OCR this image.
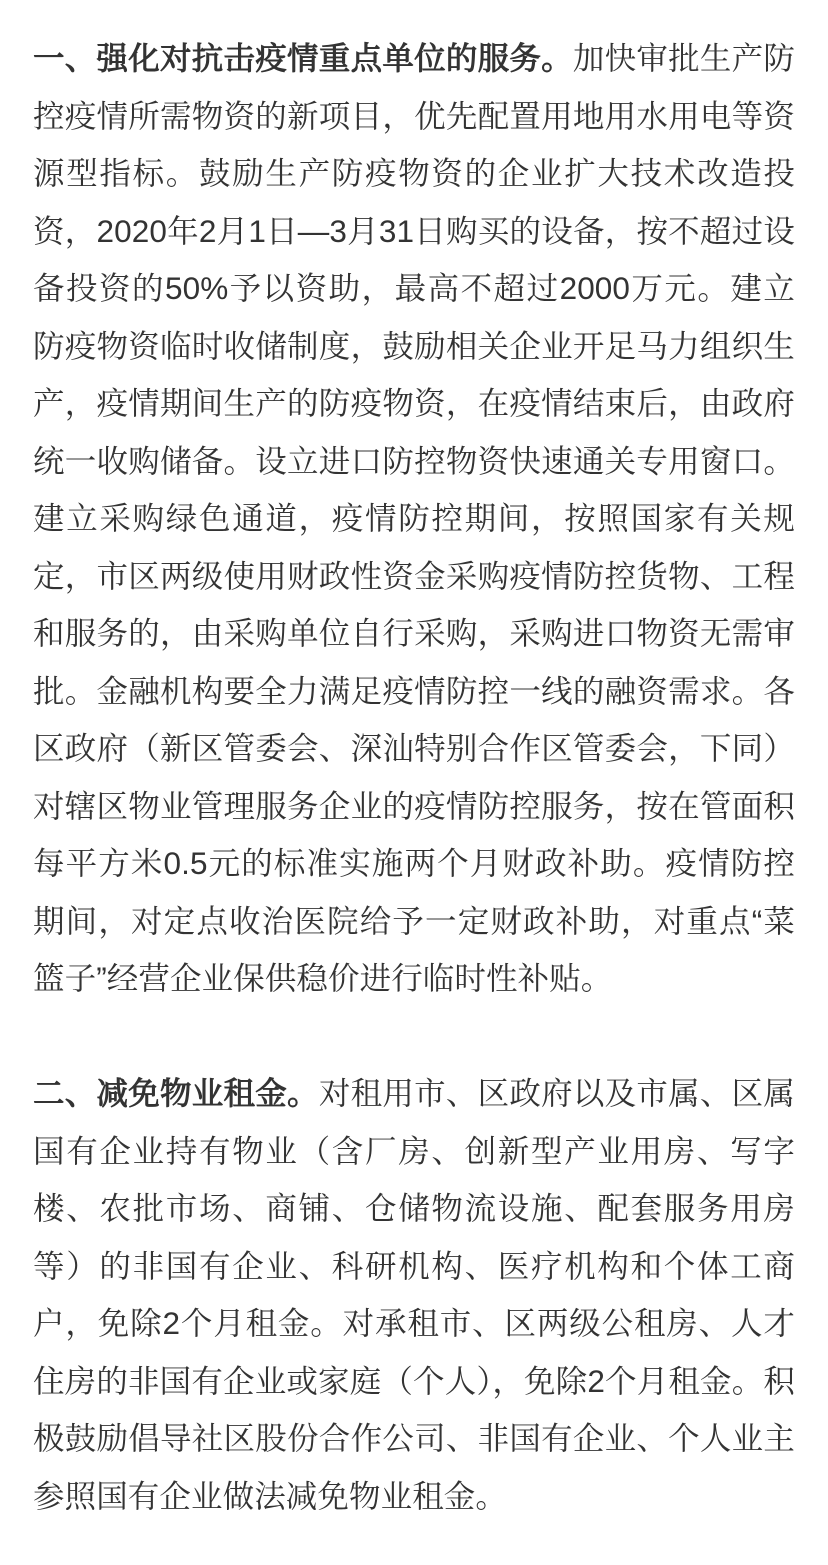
一、强化对抗击疫情重点单位的服务。加快审批生产防控疫情所需物资的新项目，优先配置用地用水用电等资源型指标。鼓励生产防疫物资的企业扩大技术改造投资，2020年2月1日—3月31日购买的设备，按不超过设备投资的50%予以资助，最高不超过2000万元。建立防疫物资临时收储制度，鼓励相关企业开足马力组织生产，疫情期间生产的防疫物资，在疫情结束后，由政府统一收购储备。设立进口防控物资快速通关专用窗口。建立采购绿色通道，疫情防控期间，按照国家有关规定，市区两级使用财政性资金采购疫情防控货物、工程和服务的，由采购单位自行采购，采购进口物资无需审批。金融机构要全力满足疫情防控一线的融资需求。各区政府（新区管委会、深汕特别合作区管委会，下同）对辖区物业管理服务企业的疫情防控服务，按在管面积每平方米0.5元的标准实施两个月财政补助。疫情防控期间，对定点收治医院给予一定财政补助，对重点“菜篮子”经营企业保供稳价进行临时性补贴。

二、减免物业租金。对租用市、区政府以及市属、区属国有企业持有物业（含厂房、创新型产业用房、写字楼、农批市场、商铺、仓储物流设施、配套服务用房等）的非国有企业、科研机构、医疗机构和个体工商户，免除2个月租金。对承租市、区两级公租房、人才住房的非国有企业或家庭（个人），免除2个月租金。积极鼓励倡导社区股份合作公司、非国有企业、个人业主参照国有企业做法减免物业租金。
